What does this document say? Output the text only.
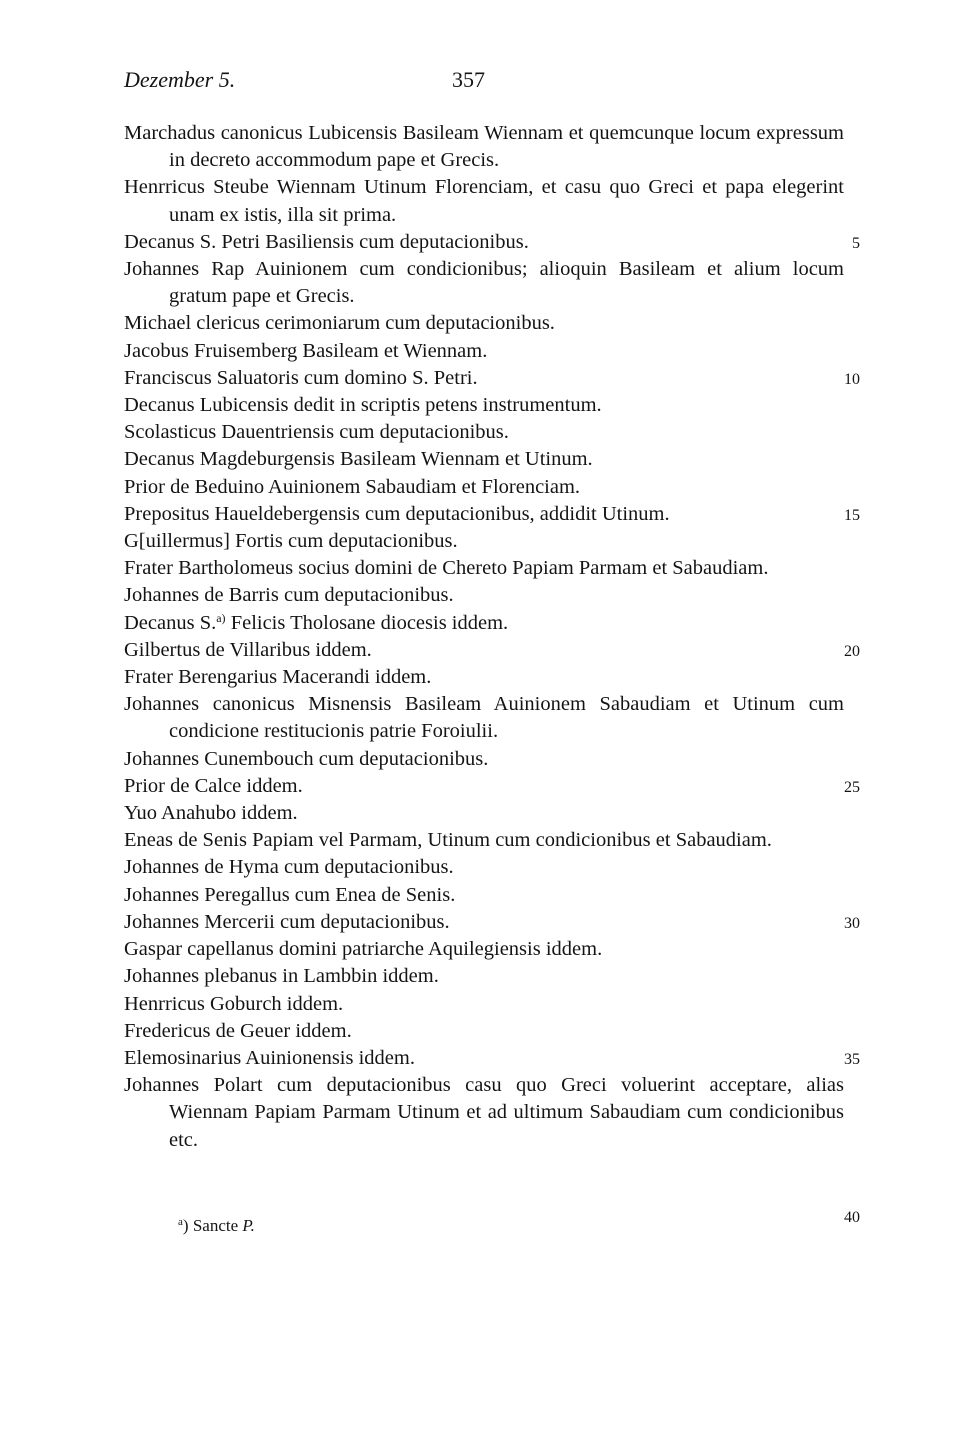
Dezember 5.	357

Marchadus canonicus Lubicensis Basileam Wiennam et quemcunque locum expressum in decreto accommodum pape et Grecis.

Henrricus Steube Wiennam Utinum Florenciam, et casu quo Greci et papa elegerint unam ex istis, illa sit prima.

Decanus S. Petri Basiliensis cum deputacionibus.

Johannes Rap Auinionem cum condicionibus; alioquin Basileam et alium locum gratum pape et Grecis.

Michael clericus cerimoniarum cum deputacionibus.

Jacobus Fruisemberg Basileam et Wiennam.

Franciscus Saluatoris cum domino S. Petri.

Decanus Lubicensis dedit in scriptis petens instrumentum.

Scolasticus Dauentriensis cum deputacionibus.

Decanus Magdeburgensis Basileam Wiennam et Utinum.

Prior de Beduino Auinionem Sabaudiam et Florenciam.

Prepositus Haueldebergensis cum deputacionibus, addidit Utinum.

G[uillermus] Fortis cum deputacionibus.

Frater Bartholomeus socius domini de Chereto Papiam Parmam et Sabaudiam.

Johannes de Barris cum deputacionibus.

Decanus S.$^{a)}$ Felicis Tholosane diocesis iddem.

Gilbertus de Villaribus iddem.

Frater Berengarius Macerandi iddem.

Johannes canonicus Misnensis Basileam Auinionem Sabaudiam et Utinum cum condicione restitucionis patrie Foroiulii.

Johannes Cunembouch cum deputacionibus.

Prior de Calce iddem.

Yuo Anahubo iddem.

Eneas de Senis Papiam vel Parmam, Utinum cum condicionibus et Sabaudiam.

Johannes de Hyma cum deputacionibus.

Johannes Peregallus cum Enea de Senis.

Johannes Mercerii cum deputacionibus.

Gaspar capellanus domini patriarche Aquilegiensis iddem.

Johannes plebanus in Lambbin iddem.

Henrricus Goburch iddem.

Fredericus de Geuer iddem.

Elemosinarius Auinionensis iddem.

Johannes Polart cum deputacionibus casu quo Greci voluerint acceptare, alias Wiennam Papiam Parmam Utinum et ad ultimum Sabaudiam cum condicionibus etc.

5
10
15
20
25
30
35
40
$^a$) Sancte P.
